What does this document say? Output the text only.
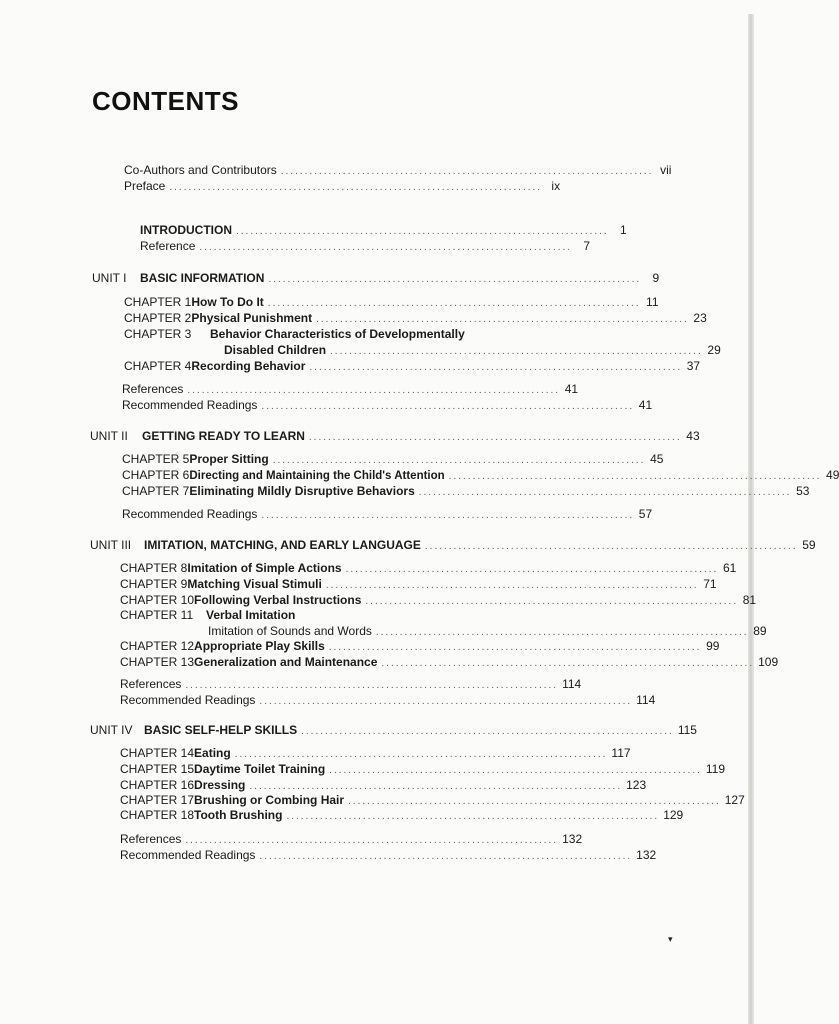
CONTENTS
Co-Authors and Contributors .............................................................................. vii
Preface .............................................................................. ix
INTRODUCTION .............................................................................. 1
Reference .............................................................................. 7
UNIT I	BASIC INFORMATION .............................................................................. 9
CHAPTER 1 How To Do It .............................................................................. 11
CHAPTER 2 Physical Punishment .............................................................................. 23
CHAPTER 3	Behavior Characteristics of Developmentally
Disabled Children .............................................................................. 29
CHAPTER 4 Recording Behavior .............................................................................. 37
References .............................................................................. 41
Recommended Readings .............................................................................. 41
UNIT II	GETTING READY TO LEARN .............................................................................. 43
CHAPTER 5 Proper Sitting .............................................................................. 45
CHAPTER 6 Directing and Maintaining the Child's Attention .............................................................................. 49
CHAPTER 7 Eliminating Mildly Disruptive Behaviors .............................................................................. 53
Recommended Readings .............................................................................. 57
UNIT III	IMITATION, MATCHING, AND EARLY LANGUAGE .............................................................................. 59
CHAPTER 8 Imitation of Simple Actions .............................................................................. 61
CHAPTER 9 Matching Visual Stimuli .............................................................................. 71
CHAPTER 10 Following Verbal Instructions .............................................................................. 81
CHAPTER 11	Verbal Imitation
Imitation of Sounds and Words .............................................................................. 89
CHAPTER 12 Appropriate Play Skills .............................................................................. 99
CHAPTER 13 Generalization and Maintenance .............................................................................. 109
References .............................................................................. 114
Recommended Readings .............................................................................. 114
UNIT IV BASIC SELF-HELP SKILLS .............................................................................. 115
CHAPTER 14 Eating .............................................................................. 117
CHAPTER 15 Daytime Toilet Training .............................................................................. 119
CHAPTER 16 Dressing .............................................................................. 123
CHAPTER 17 Brushing or Combing Hair .............................................................................. 127
CHAPTER 18 Tooth Brushing .............................................................................. 129
References .............................................................................. 132
Recommended Readings .............................................................................. 132
▾
